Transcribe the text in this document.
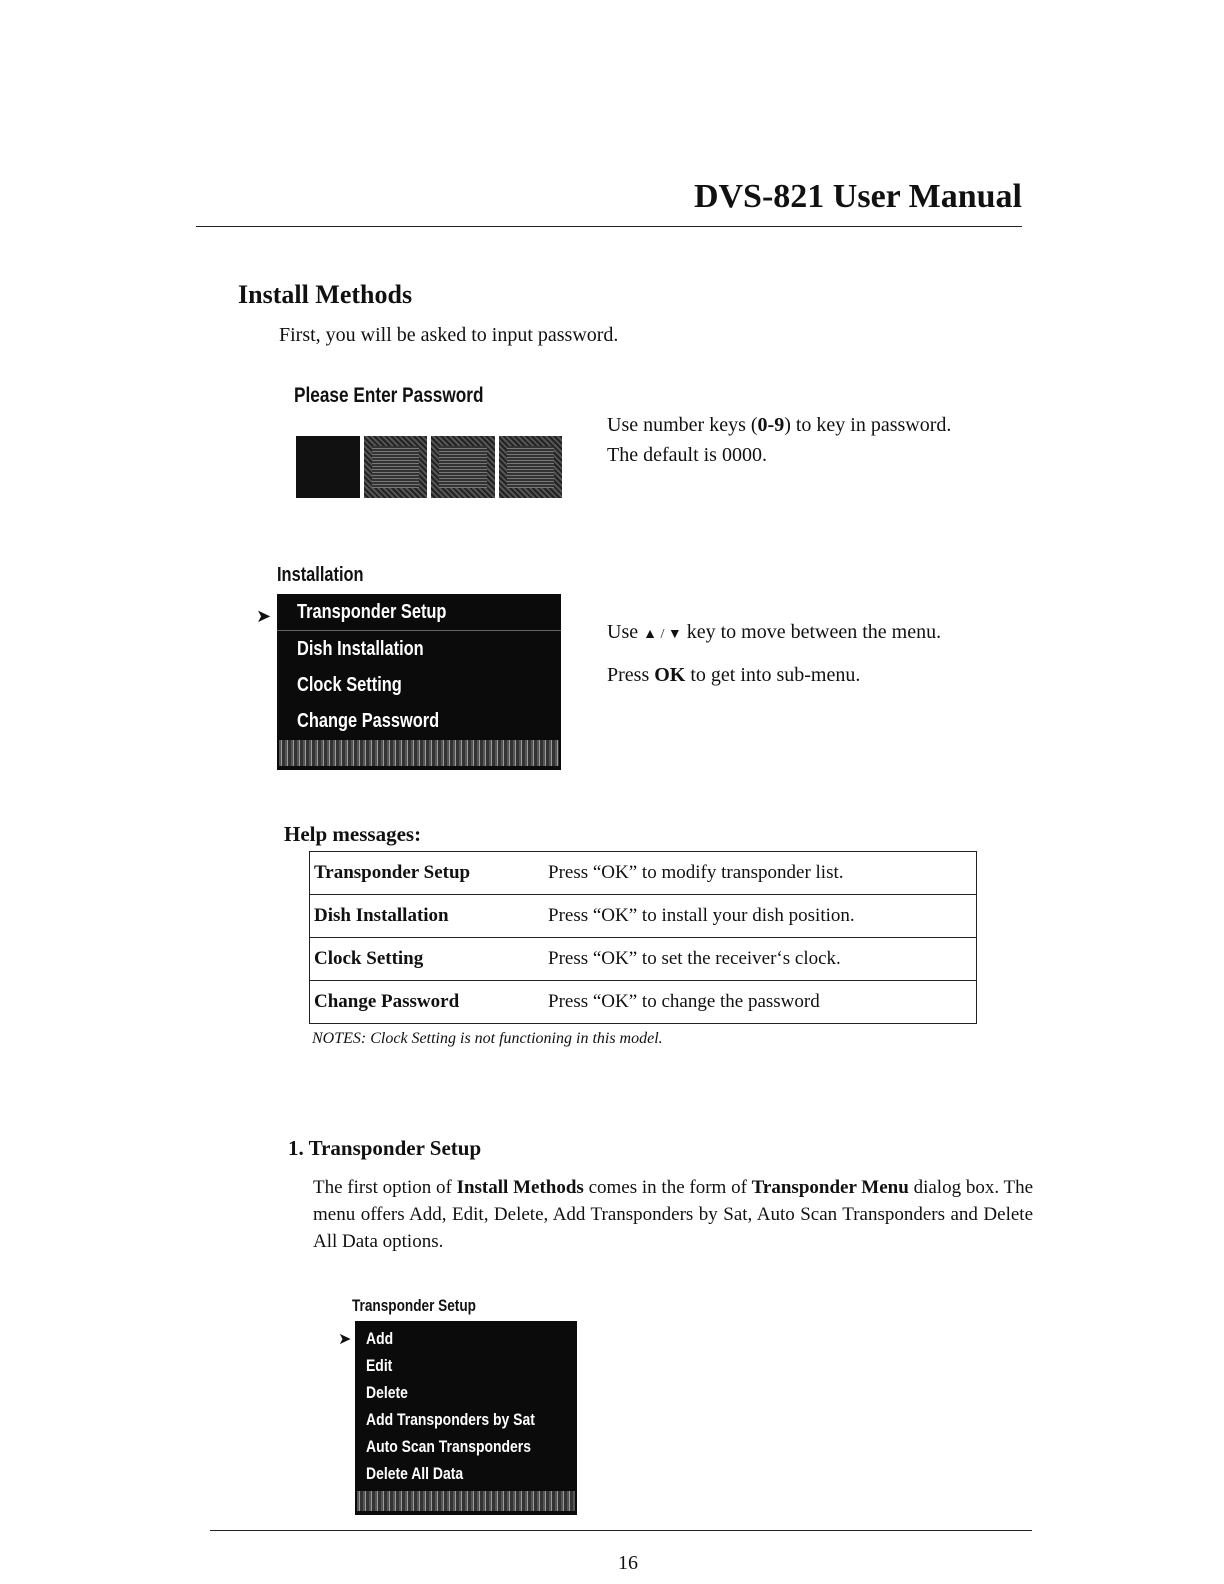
DVS-821 User Manual
Install Methods
First, you will be asked to input password.
Please Enter Password
Use number keys (0-9) to key in password.
The default is 0000.
Installation
➤	Transponder Setup
Dish Installation
Clock Setting
Change Password
Use ▲ / ▼ key to move between the menu.
Press OK to get into sub-menu.
Help messages:
Transponder Setup	Press “OK” to modify transponder list.
Dish Installation	Press “OK” to install your dish position.
Clock Setting	Press “OK” to set the receiver‘s clock.
Change Password	Press “OK” to change the password
NOTES: Clock Setting is not functioning in this model.
1. Transponder Setup
The first option of Install Methods comes in the form of Transponder Menu dialog box. The menu offers Add, Edit, Delete, Add Transponders by Sat, Auto Scan Transponders and Delete All Data options.
Transponder Setup
➤ Add
Edit
Delete
Add Transponders by Sat
Auto Scan Transponders
Delete All Data
16
